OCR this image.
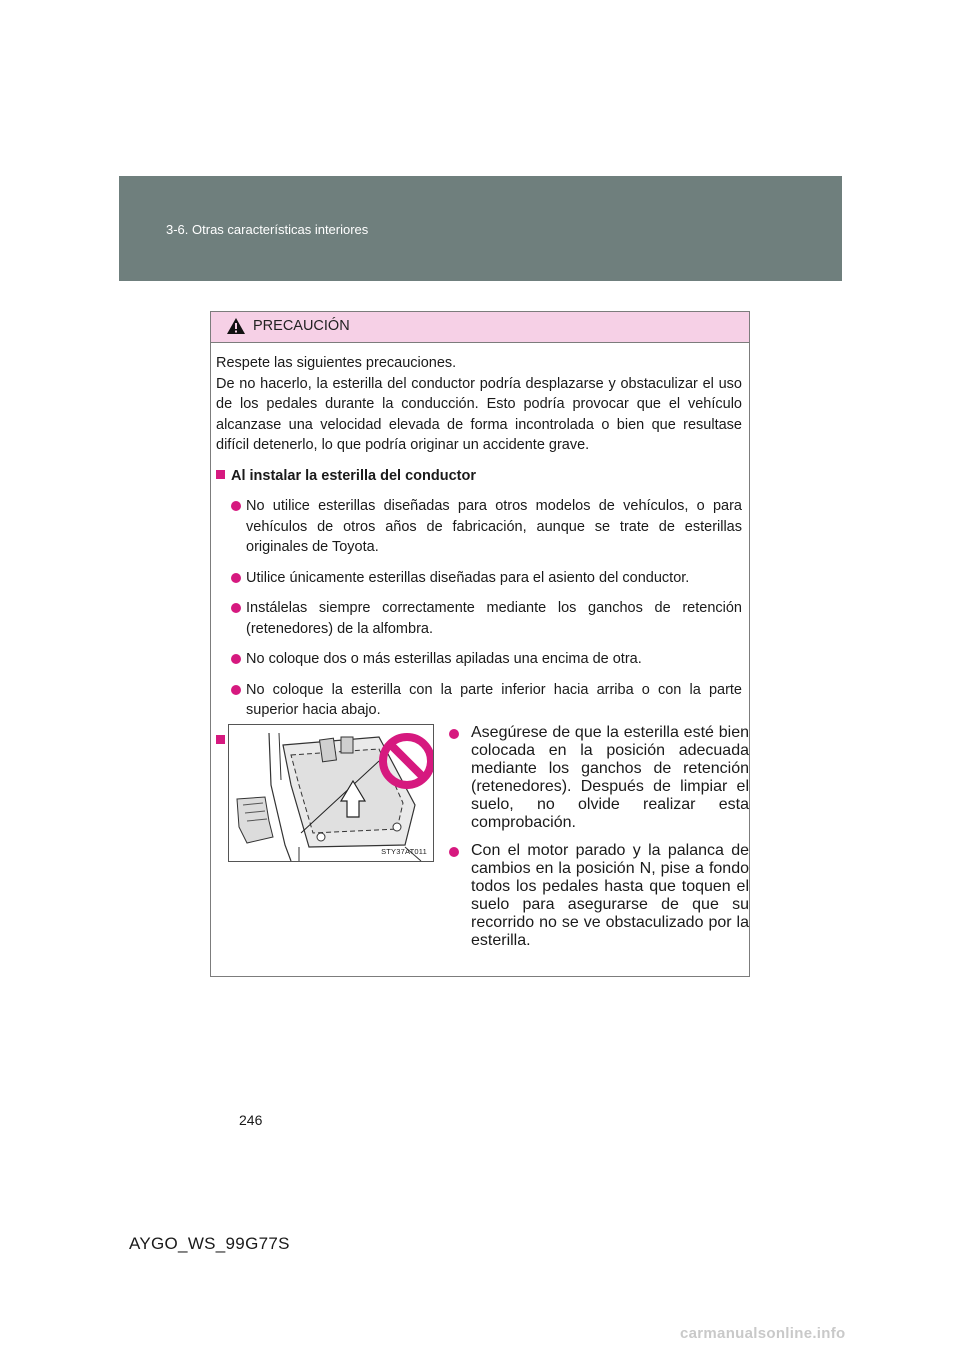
3-6. Otras características interiores
PRECAUCIÓN

Respete las siguientes precauciones.

De no hacerlo, la esterilla del conductor podría desplazarse y obstaculizar el uso de los pedales durante la conducción. Esto podría provocar que el vehículo alcanzase una velocidad elevada de forma incontrolada o bien que resultase difícil detenerlo, lo que podría originar un accidente grave.

Al instalar la esterilla del conductor
No utilice esterillas diseñadas para otros modelos de vehículos, o para vehículos de otros años de fabricación, aunque se trate de esterillas originales de Toyota.
Utilice únicamente esterillas diseñadas para el asiento del conductor.
Instálelas siempre correctamente mediante los ganchos de retención (retenedores) de la alfombra.
No coloque dos o más esterillas apiladas una encima de otra.
No coloque la esterilla con la parte inferior hacia arriba o con la parte superior hacia abajo.
STY37AT011
Asegúrese de que la esterilla esté bien colocada en la posición adecuada mediante los ganchos de retención (retenedores). Después de limpiar el suelo, no olvide realizar esta comprobación.
Con el motor parado y la palanca de cambios en la posición N, pise a fondo todos los pedales hasta que toquen el suelo para asegurarse de que su recorrido no se ve obstaculizado por la esterilla.
246
AYGO_WS_99G77S
carmanualsonline.info
